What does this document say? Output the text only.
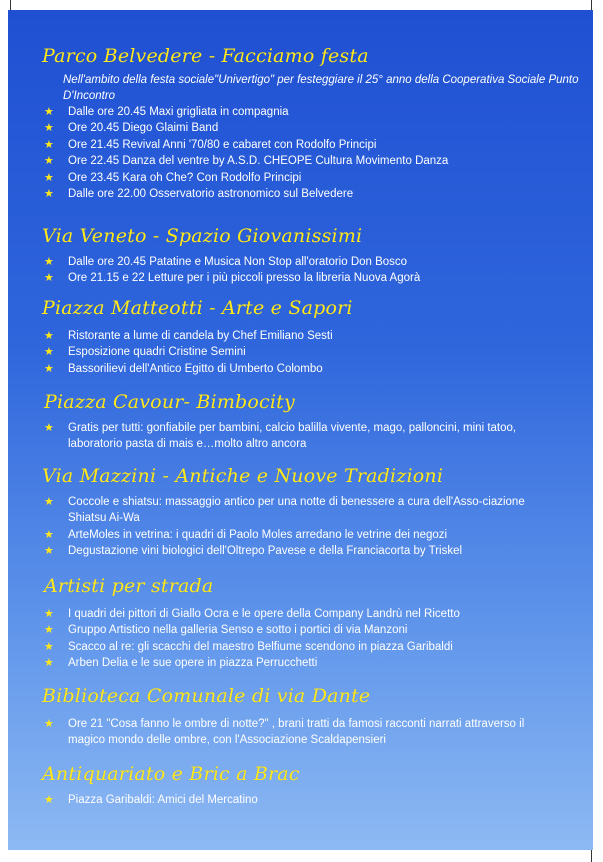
Parco Belvedere - Facciamo festa
Nell'ambito della festa sociale"Univertigo" per festeggiare il 25° anno della Cooperativa Sociale Punto D'Incontro
★ Dalle ore 20.45 Maxi grigliata in compagnia
★ Ore 20.45 Diego Glaimi Band
★ Ore 21.45 Revival Anni '70/80 e cabaret con Rodolfo Principi
★ Ore 22.45 Danza del ventre by A.S.D. CHEOPE Cultura Movimento Danza
★ Ore 23.45 Kara oh Che? Con Rodolfo Principi
★ Dalle ore 22.00 Osservatorio astronomico sul Belvedere
Via Veneto - Spazio Giovanissimi
★ Dalle ore 20.45 Patatine e Musica Non Stop all'oratorio Don Bosco
★ Ore 21.15 e 22 Letture per i più piccoli presso la libreria Nuova Agorà
Piazza Matteotti - Arte e Sapori
★ Ristorante a lume di candela by Chef Emiliano Sesti
★ Esposizione quadri Cristine Semini
★ Bassorilievi dell'Antico Egitto di Umberto Colombo
Piazza Cavour- Bimbocity
★ Gratis per tutti: gonfiabile per bambini, calcio balilla vivente, mago, palloncini, mini tatoo, laboratorio pasta di mais e…molto altro ancora
Via Mazzini - Antiche e Nuove Tradizioni
★ Coccole e shiatsu: massaggio antico per una notte di benessere a cura dell'Asso-ciazione Shiatsu Ai-Wa
★ ArteMoles in vetrina: i quadri di Paolo Moles arredano le vetrine dei negozi
★ Degustazione vini biologici dell'Oltrepo Pavese e della Franciacorta by Triskel
Artisti per strada
★ I quadri dei pittori di Giallo Ocra e le opere della Company Landrù nel Ricetto
★ Gruppo Artistico nella galleria Senso e sotto i portici di via Manzoni
★ Scacco al re: gli scacchi del maestro Belfiume scendono in piazza Garibaldi
★ Arben Delia e le sue opere in piazza Perrucchetti
Biblioteca Comunale di via Dante
★ Ore 21 "Cosa fanno le ombre di notte?" , brani tratti da famosi racconti narrati attraverso il magico mondo delle ombre, con l'Associazione Scaldapensieri
Antiquariato e Bric a Brac
★ Piazza Garibaldi: Amici del Mercatino
